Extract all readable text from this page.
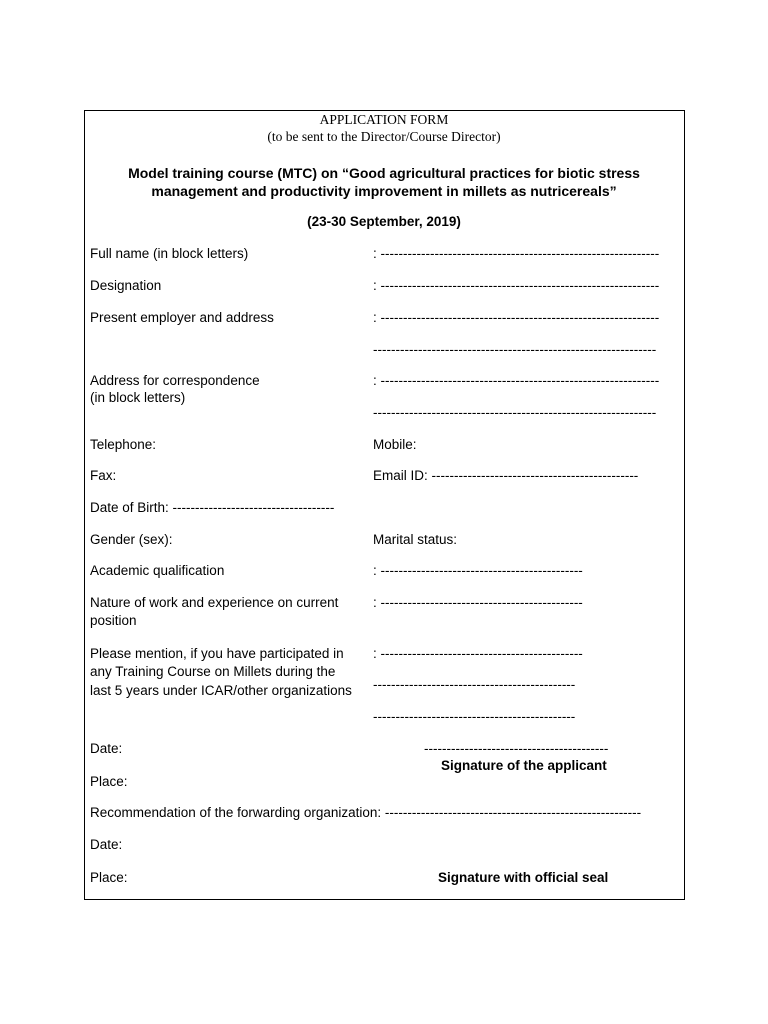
APPLICATION FORM
(to be sent to the Director/Course Director)
Model training course (MTC) on “Good agricultural practices for biotic stress
management and productivity improvement in millets as nutricereals”
(23-30 September, 2019)
Full name (in block letters)	: --------------------------------------------------------------
Designation	: --------------------------------------------------------------
Present employer and address	: --------------------------------------------------------------
---------------------------------------------------------------
Address for correspondence
(in block letters)
: --------------------------------------------------------------
---------------------------------------------------------------
Telephone:	Mobile:
Fax:	Email ID: ----------------------------------------------
Date of Birth: ------------------------------------
Gender (sex):	Marital status:
Academic qualification	: ---------------------------------------------
Nature of work and experience on current
position
: ---------------------------------------------
Please mention, if you have participated in
any Training Course on Millets during the
last 5 years under ICAR/other organizations
: ---------------------------------------------
---------------------------------------------
---------------------------------------------
Date:	-----------------------------------------
Signature of the applicant
Place:
Recommendation of the forwarding organization: ---------------------------------------------------------
Date:
Place:	Signature with official seal
